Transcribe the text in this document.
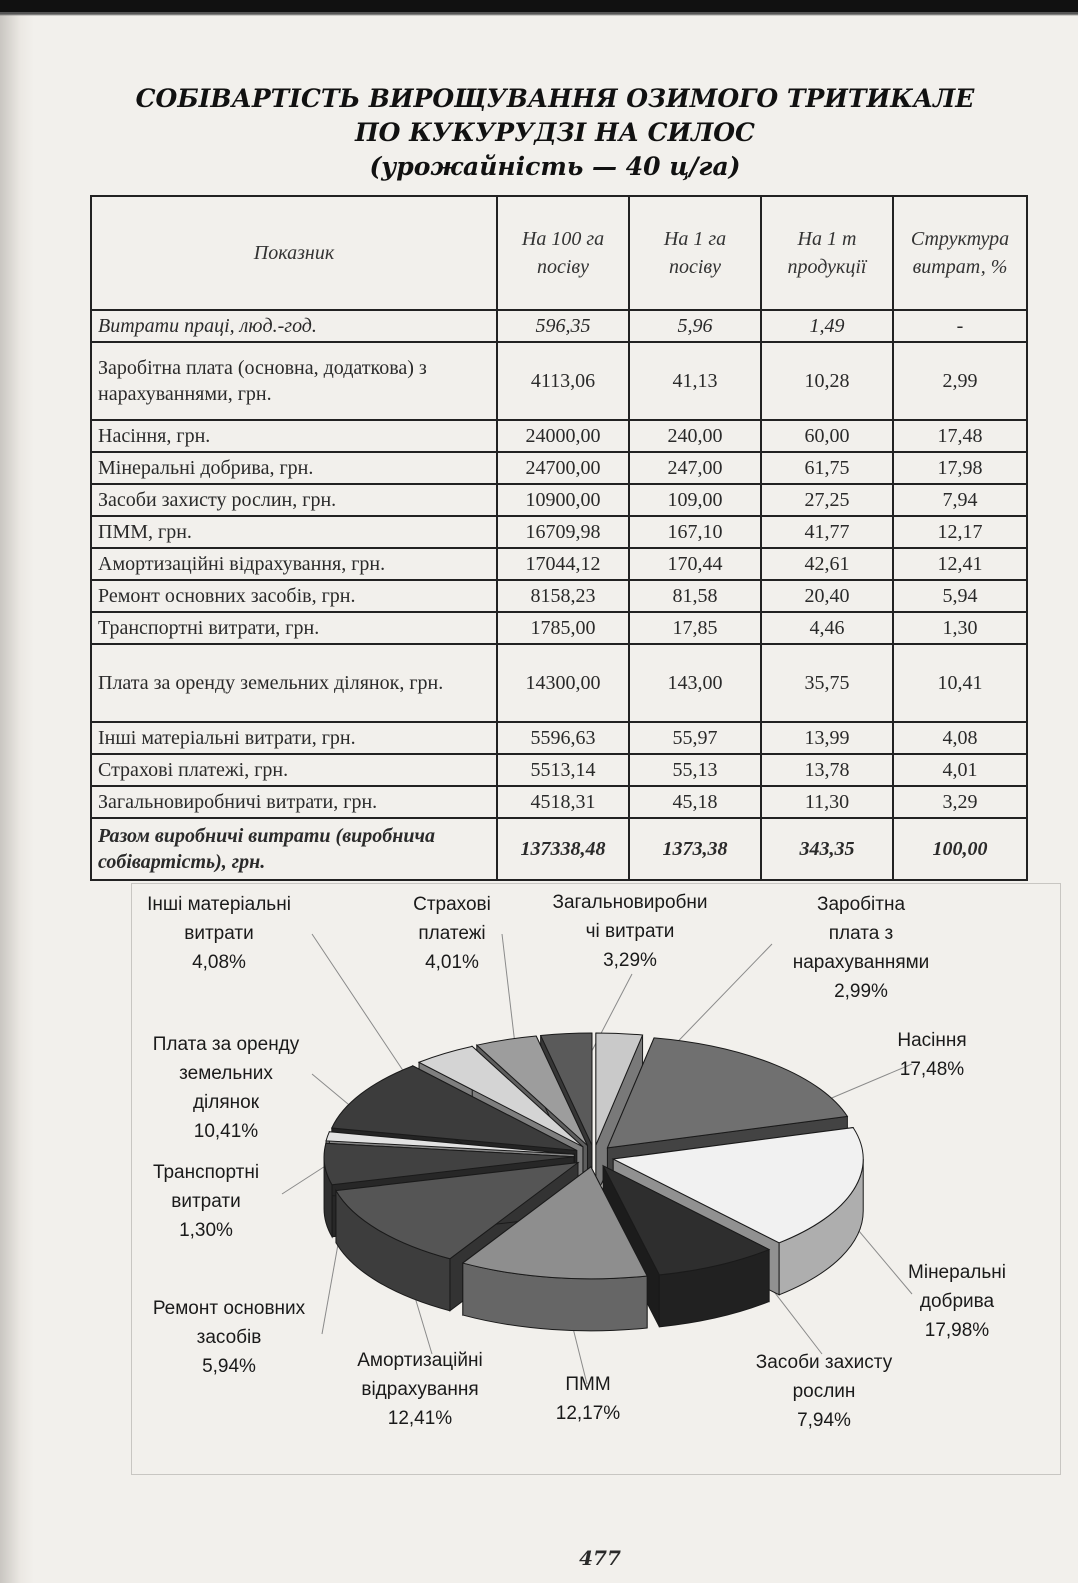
СОБІВАРТІСТЬ ВИРОЩУВАННЯ ОЗИМОГО ТРИТИКАЛЕ
ПО КУКУРУДЗІ НА СИЛОС
(урожайність — 40 ц/га)
Показник	На 100 га посіву	На 1 га посіву	На 1 т продукції	Структура витрат, %
Витрати праці, люд.-год.	596,35	5,96	1,49	-
Заробітна плата (основна, додаткова) з нарахуваннями, грн.	4113,06	41,13	10,28	2,99
Насіння, грн.	24000,00	240,00	60,00	17,48
Мінеральні добрива, грн.	24700,00	247,00	61,75	17,98
Засоби захисту рослин, грн.	10900,00	109,00	27,25	7,94
ПММ, грн.	16709,98	167,10	41,77	12,17
Амортизаційні відрахування, грн.	17044,12	170,44	42,61	12,41
Ремонт основних засобів, грн.	8158,23	81,58	20,40	5,94
Транспортні витрати, грн.	1785,00	17,85	4,46	1,30
Плата за оренду земельних ділянок, грн.	14300,00	143,00	35,75	10,41
Інші матеріальні витрати, грн.	5596,63	55,97	13,99	4,08
Страхові платежі, грн.	5513,14	55,13	13,78	4,01
Загальновиробничі витрати, грн.	4518,31	45,18	11,30	3,29
Разом виробничі витрати (виробнича собівартість), грн.	137338,48	1373,38	343,35	100,00
Інші матеріальні
витрати
4,08%
Страхові
платежі
4,01%
Загальновиробни
чі витрати
3,29%
Заробітна
плата з
нарахуваннями
2,99%
Насіння
17,48%
Плата за оренду
земельних
ділянок
10,41%
Транспортні
витрати
1,30%
Ремонт основних
засобів
5,94%	Амортизаційні
відрахування
12,41%
ПММ
12,17%
Засоби захисту
рослин
7,94%
Мінеральні
добрива
17,98%
477
